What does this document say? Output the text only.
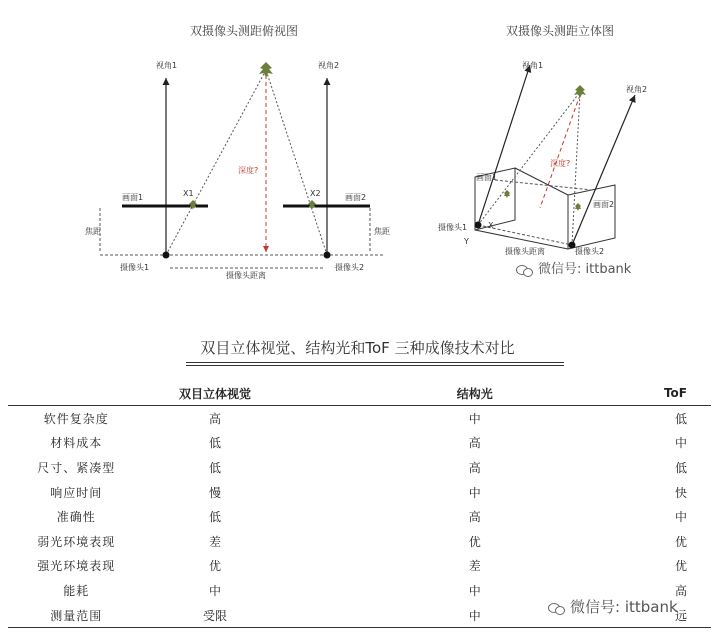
双摄像头测距俯视图
视角1	视角2
深度?
画面1	画面2
X1	X2
焦距	焦距
摄像头1	摄像头2
摄像头距离
双摄像头测距立体图
视角1
视角2
深度?
画面1
画面2
摄像头1
摄像头2
摄像头距离
X
Y
微信号: ittbank
双目立体视觉、结构光和ToF 三种成像技术对比
	双目立体视觉	结构光	ToF
软件复杂度	高	中	低
材料成本	低	高	中
尺寸、紧凑型	低	高	低
响应时间	慢	中	快
准确性	低	高	中
弱光环境表现	差	优	优
强光环境表现	优	差	优
能耗	中	中	高
测量范围	受限	中	远
微信号: ittbank
